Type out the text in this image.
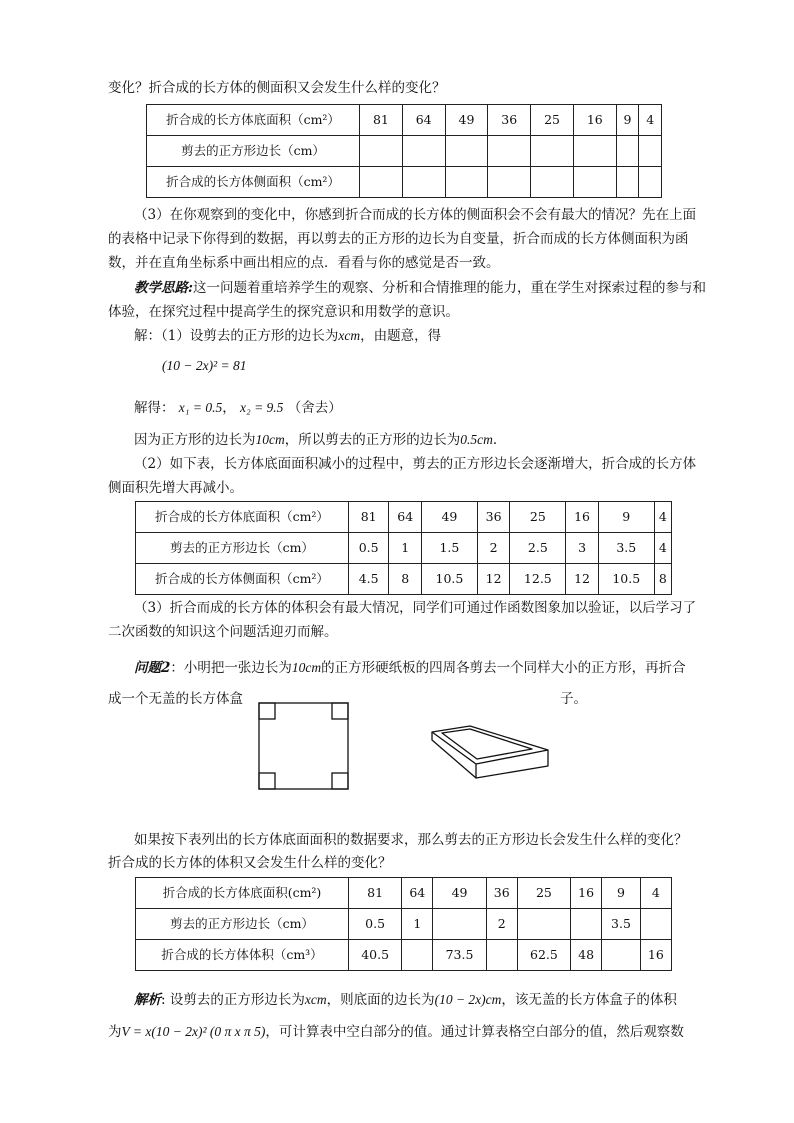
变化？折合成的长方体的侧面积又会发生什么样的变化？
折合成的长方体底面积（cm²）	81	64	49	36	25	16	9	4
剪去的正方形边长（cm）								
折合成的长方体侧面积（cm²）								
（3）在你观察到的变化中，你感到折合而成的长方体的侧面积会不会有最大的情况？先在上面的表格中记录下你得到的数据，再以剪去的正方形的边长为自变量，折合而成的长方体侧面积为函数，并在直角坐标系中画出相应的点．看看与你的感觉是否一致。
教学思路:这一问题着重培养学生的观察、分析和合情推理的能力，重在学生对探索过程的参与和体验，在探究过程中提高学生的探究意识和用数学的意识。
解：（1）设剪去的正方形的边长为xcm，由题意，得
(10 − 2x)² = 81
解得： x₁ = 0.5， x₂ = 9.5 （舍去）
因为正方形的边长为10cm，所以剪去的正方形的边长为0.5cm．
（2）如下表，长方体底面面积减小的过程中，剪去的正方形边长会逐渐增大，折合成的长方体侧面积先增大再减小。
折合成的长方体底面积（cm²）	81	64	49	36	25	16	9	4
剪去的正方形边长（cm）	0.5	1	1.5	2	2.5	3	3.5	4
折合成的长方体侧面积（cm²）	4.5	8	10.5	12	12.5	12	10.5	8
（3）折合而成的长方体的体积会有最大情况，同学们可通过作函数图象加以验证，以后学习了二次函数的知识这个问题活迎刃而解。
问题2：小明把一张边长为10cm的正方形硬纸板的四周各剪去一个同样大小的正方形，再折合
成一个无盖的长方体盒	子。
如果按下表列出的长方体底面面积的数据要求，那么剪去的正方形边长会发生什么样的变化？
折合成的长方体的体积又会发生什么样的变化？
折合成的长方体底面积(cm²)	81	64	49	36	25	16	9	4
剪去的正方形边长（cm）	0.5	1		2			3.5	
折合成的长方体体积（cm³）	40.5		73.5		62.5	48		16
解析: 设剪去的正方形边长为xcm，则底面的边长为(10 − 2x)cm，该无盖的长方体盒子的体积
为V = x(10 − 2x)² (0 π x π 5)，可计算表中空白部分的值。通过计算表格空白部分的值，然后观察数
